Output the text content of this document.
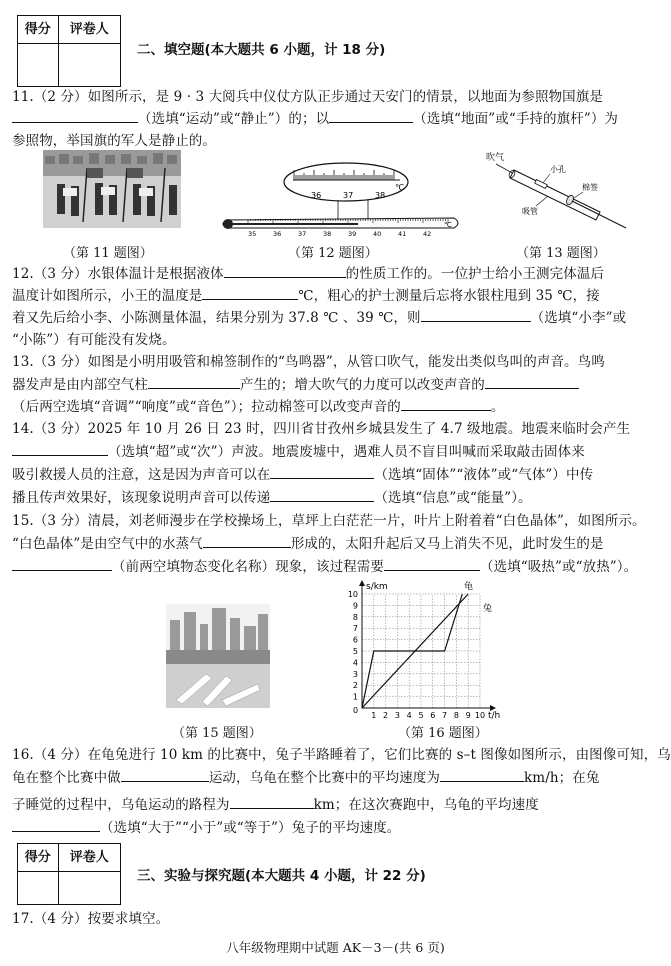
得分	评卷人
二、填空题(本大题共 6 小题，计 18 分)
11.（2 分）如图所示，是 9 · 3 大阅兵中仪仗方队正步通过天安门的情景，以地面为参照物国旗是
（选填“运动”或“静止”）的；以	（选填“地面”或“手持的旗杆”）为
参照物，举国旗的军人是静止的。
（第 11 题图）
36	37	38
℃
35	36	37	38	39	40	41	42
℃
（第 12 题图）
吹气
小孔
棉签
吸管
（第 13 题图）
12.（3 分）水银体温计是根据液体	的性质工作的。一位护士给小王测完体温后
温度计如图所示，小王的温度是	℃，粗心的护士测量后忘将水银柱甩到 35 ℃，接
着又先后给小李、小陈测量体温，结果分别为 37.8 ℃ 、39 ℃，则	（选填“小李”或
“小陈”）有可能没有发烧。
13.（3 分）如图是小明用吸管和棉签制作的“鸟鸣器”，从管口吹气，能发出类似鸟叫的声音。鸟鸣
器发声是由内部空气柱	产生的；增大吹气的力度可以改变声音的
（后两空选填“音调”“响度”或“音色”）；拉动棉签可以改变声音的	。
14.（3 分）2025 年 10 月 26 日 23 时，四川省甘孜州乡城县发生了 4.7 级地震。地震来临时会产生
（选填“超”或“次”）声波。地震废墟中，遇难人员不盲目叫喊而采取敲击固体来
吸引救援人员的注意，这是因为声音可以在	（选填“固体”“液体”或“气体”）中传
播且传声效果好，该现象说明声音可以传递	（选填“信息”或“能量”）。
15.（3 分）清晨，刘老师漫步在学校操场上，草坪上白茫茫一片，叶片上附着着“白色晶体”，如图所示。
“白色晶体”是由空气中的水蒸气	形成的，太阳升起后又马上消失不见，此时发生的是
（前两空填物态变化名称）现象，该过程需要	（选填“吸热”或“放热”）。
（第 15 题图）
s/km
t/h
0
龟
兔
1
2
3
4
5
6
7
8
9
10
1 2 3 4 5 6 7 8 9 10
（第 16 题图）
16.（4 分）在龟兔进行 10 km 的比赛中，兔子半路睡着了，它们比赛的 s–t 图像如图所示，由图像可知，乌
龟在整个比赛中做	运动，乌龟在整个比赛中的平均速度为	km/h；在兔
子睡觉的过程中，乌龟运动的路程为	km；在这次赛跑中，乌龟的平均速度
（选填“大于”“小于”或“等于”）兔子的平均速度。
得分	评卷人
三、实验与探究题(本大题共 4 小题，计 22 分)
17.（4 分）按要求填空。
八年级物理期中试题 AK－3－(共 6 页)
